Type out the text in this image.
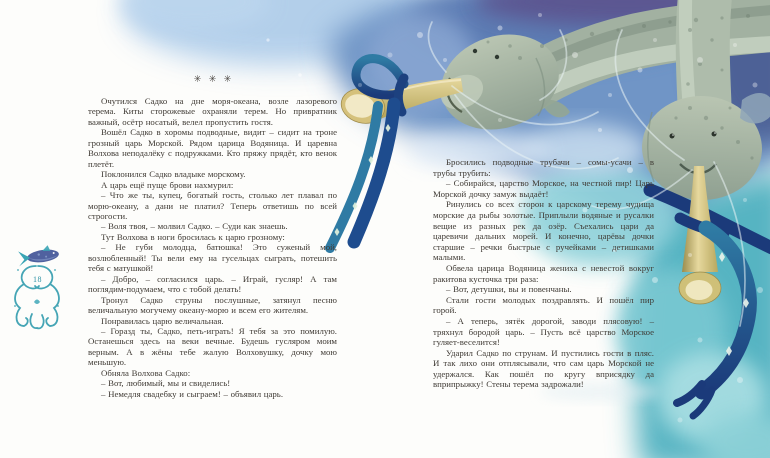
✳ ✳ ✳

Очутился Садко на дне моря-океана, возле лазоревого терема. Киты сторожевые охраняли терем. Но привратник важный, осётр носатый, велел пропустить гостя.

Вошёл Садко в хоромы подводные, видит – сидит на троне грозный царь Морской. Рядом царица Водяница. И царевна Волхова неподалёку с подружками. Кто пряжу прядёт, кто венок плетёт.

Поклонился Садко владыке морскому.

А царь ещё пуще брови нахмурил:

– Что же ты, купец, богатый гость, столько лет плавал по морю-океану, а дани не платил? Теперь ответишь по всей строгости.

– Воля твоя, – молвил Садко. – Суди как знаешь.

Тут Волхова в ноги бросилась к царю грозному:

– Не губи молодца, батюшка! Это суженый мой, возлюбленный! Ты вели ему на гусельцах сыграть, потешить тебя с матушкой!

– Добро, – согласился царь. – Играй, гусляр! А там поглядим-подумаем, что с тобой делать!

Тронул Садко струны послушные, затянул песню величальную могучему океану-морю и всем его жителям.

Понравилась царю величальная.

– Горазд ты, Садко, петь-играть! Я тебя за это помилую. Останешься здесь на веки вечные. Будешь гусляром моим верным. А в жёны тебе жалую Волховушку, дочку мою меньшую.

Обняла Волхова Садко:

– Вот, любимый, мы и свиделись!

– Немедля свадебку и сыграем! – объявил царь.

18

Бросились подводные трубачи – сомы-усачи – в трубы трубить:

– Собирайся, царство Морское, на честной пир! Царь Морской дочку замуж выдаёт!

Ринулись со всех сторон к царскому терему чудища морские да рыбы золотые. Приплыли водяные и русалки вещие из разных рек да озёр. Съехались цари да царевичи дальних морей. И конечно, царёвы дочки старшие – речки быстрые с ручейками – детишками малыми.

Обвела царица Водяница жениха с невестой вокруг ракитова кусточка три раза:

– Вот, детушки, вы и повенчаны.

Стали гости молодых поздравлять. И пошёл пир горой.

– А теперь, зятёк дорогой, заводи плясовую! – тряхнул бородой царь. – Пусть всё царство Морское гуляет-веселится!

Ударил Садко по струнам. И пустились гости в пляс. И так лихо они отплясывали, что сам царь Морской не удержался. Как пошёл по кругу вприсядку да вприпрыжку! Стены терема задрожали!
